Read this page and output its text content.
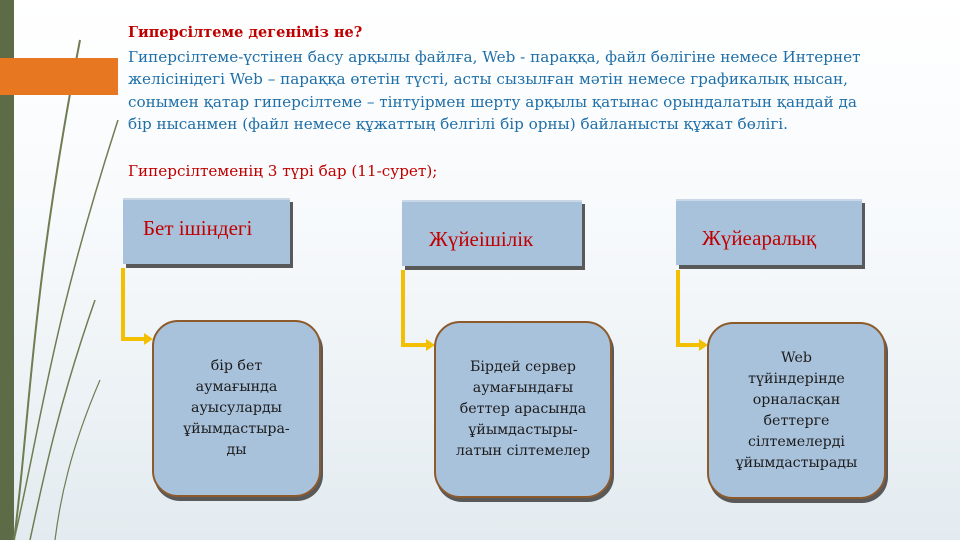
Гиперсілтеме дегеніміз не?
Гиперсілтеме-үстінен басу арқылы файлға, Web - параққа, файл бөлігіне немесе Интернет
желісінідегі Web – параққа өтетін түсті, асты сызылған мәтін немесе графикалық нысан,
сонымен қатар гиперсілтеме – тінтуірмен шерту арқылы қатынас орындалатын қандай да
бір нысанмен (файл немесе құжаттың белгілі бір орны) байланысты құжат бөлігі.

Гиперсілтеменің 3 түрі бар (11-сурет);

Бет ішіндегі	Жүйеішілік	Жүйеаралық
бір бет
аумағында
ауысуларды
ұйымдастыра-
ды
Бірдей сервер
аумағындағы
беттер арасында
ұйымдастыры-
латын сілтемелер
Web
түйіндерінде
орналасқан
беттерге
сілтемелерді
ұйымдастырады
